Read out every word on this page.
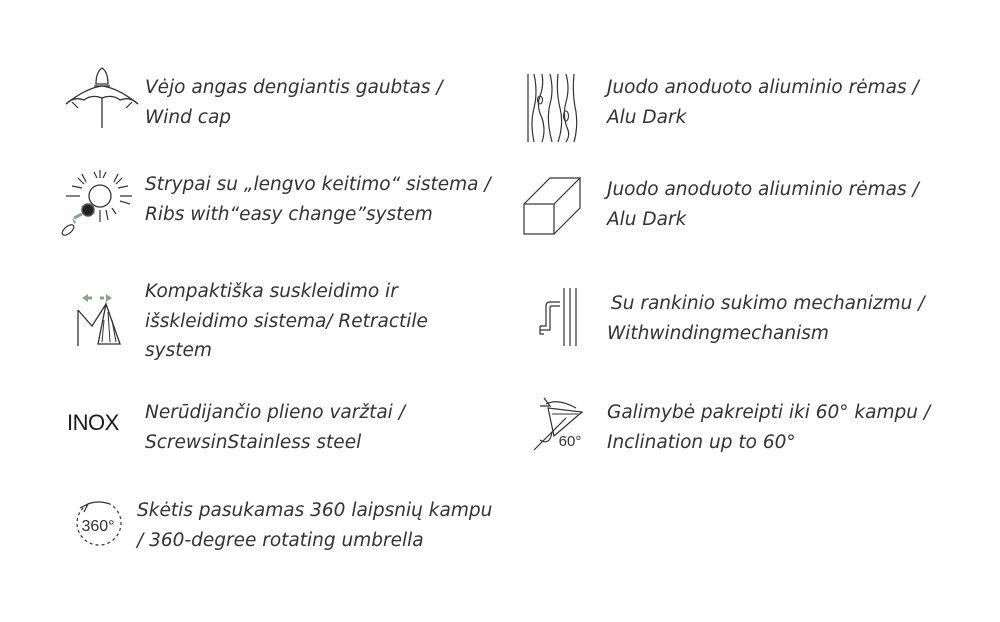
Vėjo angas dengiantis gaubtas /
Wind cap
Strypai su „lengvo keitimo“ sistema /
Ribs with“easy change”system
Kompaktiška suskleidimo ir
išskleidimo sistema/ Retractile
system
INOX Nerūdijančio plieno varžtai /
ScrewsinStainless steel
360°
Skėtis pasukamas 360 laipsnių kampu
/ 360-degree rotating umbrella
Juodo anoduoto aliuminio rėmas /
Alu Dark
Juodo anoduoto aliuminio rėmas /
Alu Dark
Su rankinio sukimo mechanizmu /
Withwindingmechanism
60°
Galimybė pakreipti iki 60° kampu /
Inclination up to 60°
